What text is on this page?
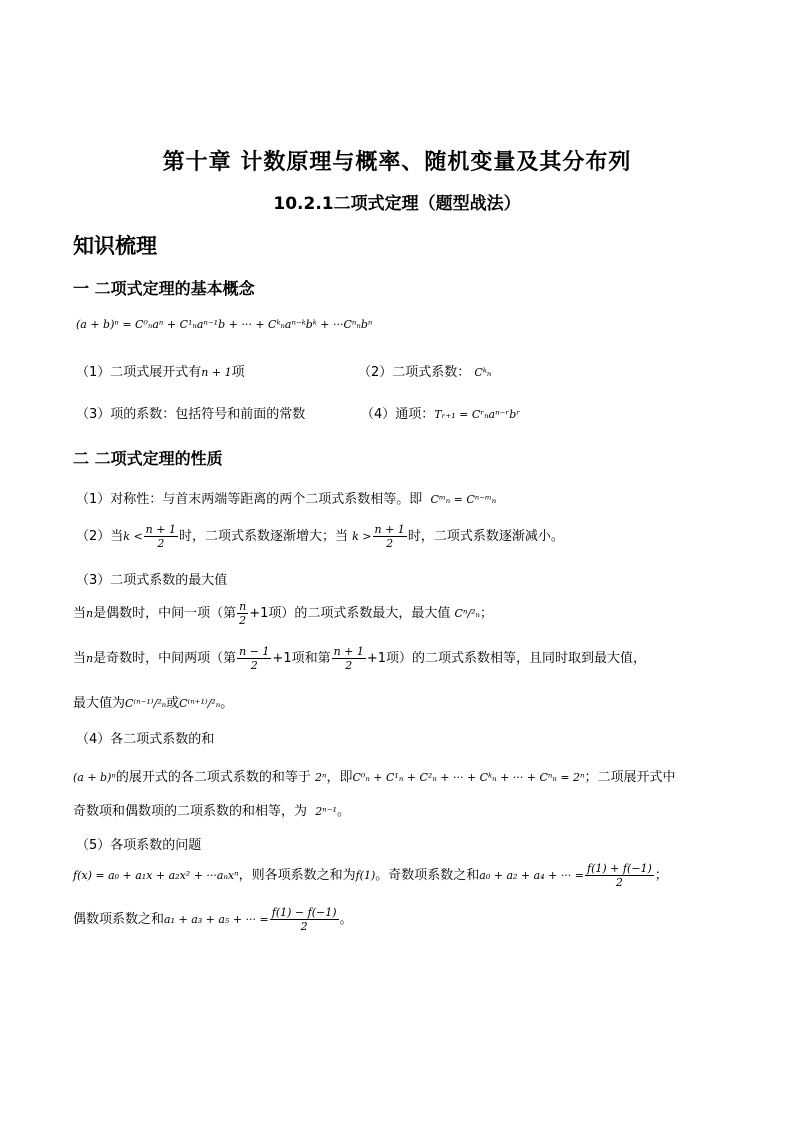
第十章 计数原理与概率、随机变量及其分布列
10.2.1二项式定理（题型战法）
知识梳理
一 二项式定理的基本概念
(a + b)ⁿ = C⁰ₙaⁿ + C¹ₙaⁿ⁻¹b + ··· + Cᵏₙaⁿ⁻ᵏbᵏ + ···Cⁿₙbⁿ
（1）二项式展开式有n + 1项	（2）二项式系数： Cᵏₙ
（3）项的系数：包括符号和前面的常数	（4）通项：Tᵣ₊₁ = Cʳₙaⁿ⁻ʳbʳ
二 二项式定理的性质
（1）对称性：与首末两端等距离的两个二项式系数相等。即 Cᵐₙ = Cⁿ⁻ᵐₙ
（2）当$k < \frac{n + 1}{2}$ 时，二项式系数逐渐增大；当 $k > \frac{n + 1}{2}$ 时，二项式系数逐渐减小。
（3）二项式系数的最大值
当n是偶数时，中间一项（第 $\frac{n}{2} +1$项）的二项式系数最大，最大值 Cⁿ/²ₙ；
当n是奇数时，中间两项（第 $\frac{n - 1}{2} +1$项和第 $\frac{n + 1}{2} +1$项）的二项式系数相等，且同时取到最大值，
最大值为C⁽ⁿ⁻¹⁾/²ₙ或C⁽ⁿ⁺¹⁾/²ₙ。
（4）各二项式系数的和
(a + b)ⁿ的展开式的各二项式系数的和等于 2ⁿ，即C⁰ₙ + C¹ₙ + C²ₙ + ··· + Cᵏₙ + ··· + Cⁿₙ = 2ⁿ；二项展开式中
奇数项和偶数项的二项系数的和相等，为 2ⁿ⁻¹。
（5）各项系数的问题
f(x) = a₀ + a₁x + a₂x² + ···aₙxⁿ，则各项系数之和为f(1)。奇数项系数之和a₀ + a₂ + a₄ + ··· = $\frac{f(1) + f(-1)}{2}$ ；
偶数项系数之和a₁ + a₃ + a₅ + ··· = $\frac{f(1) - f(-1)}{2}$ 。
